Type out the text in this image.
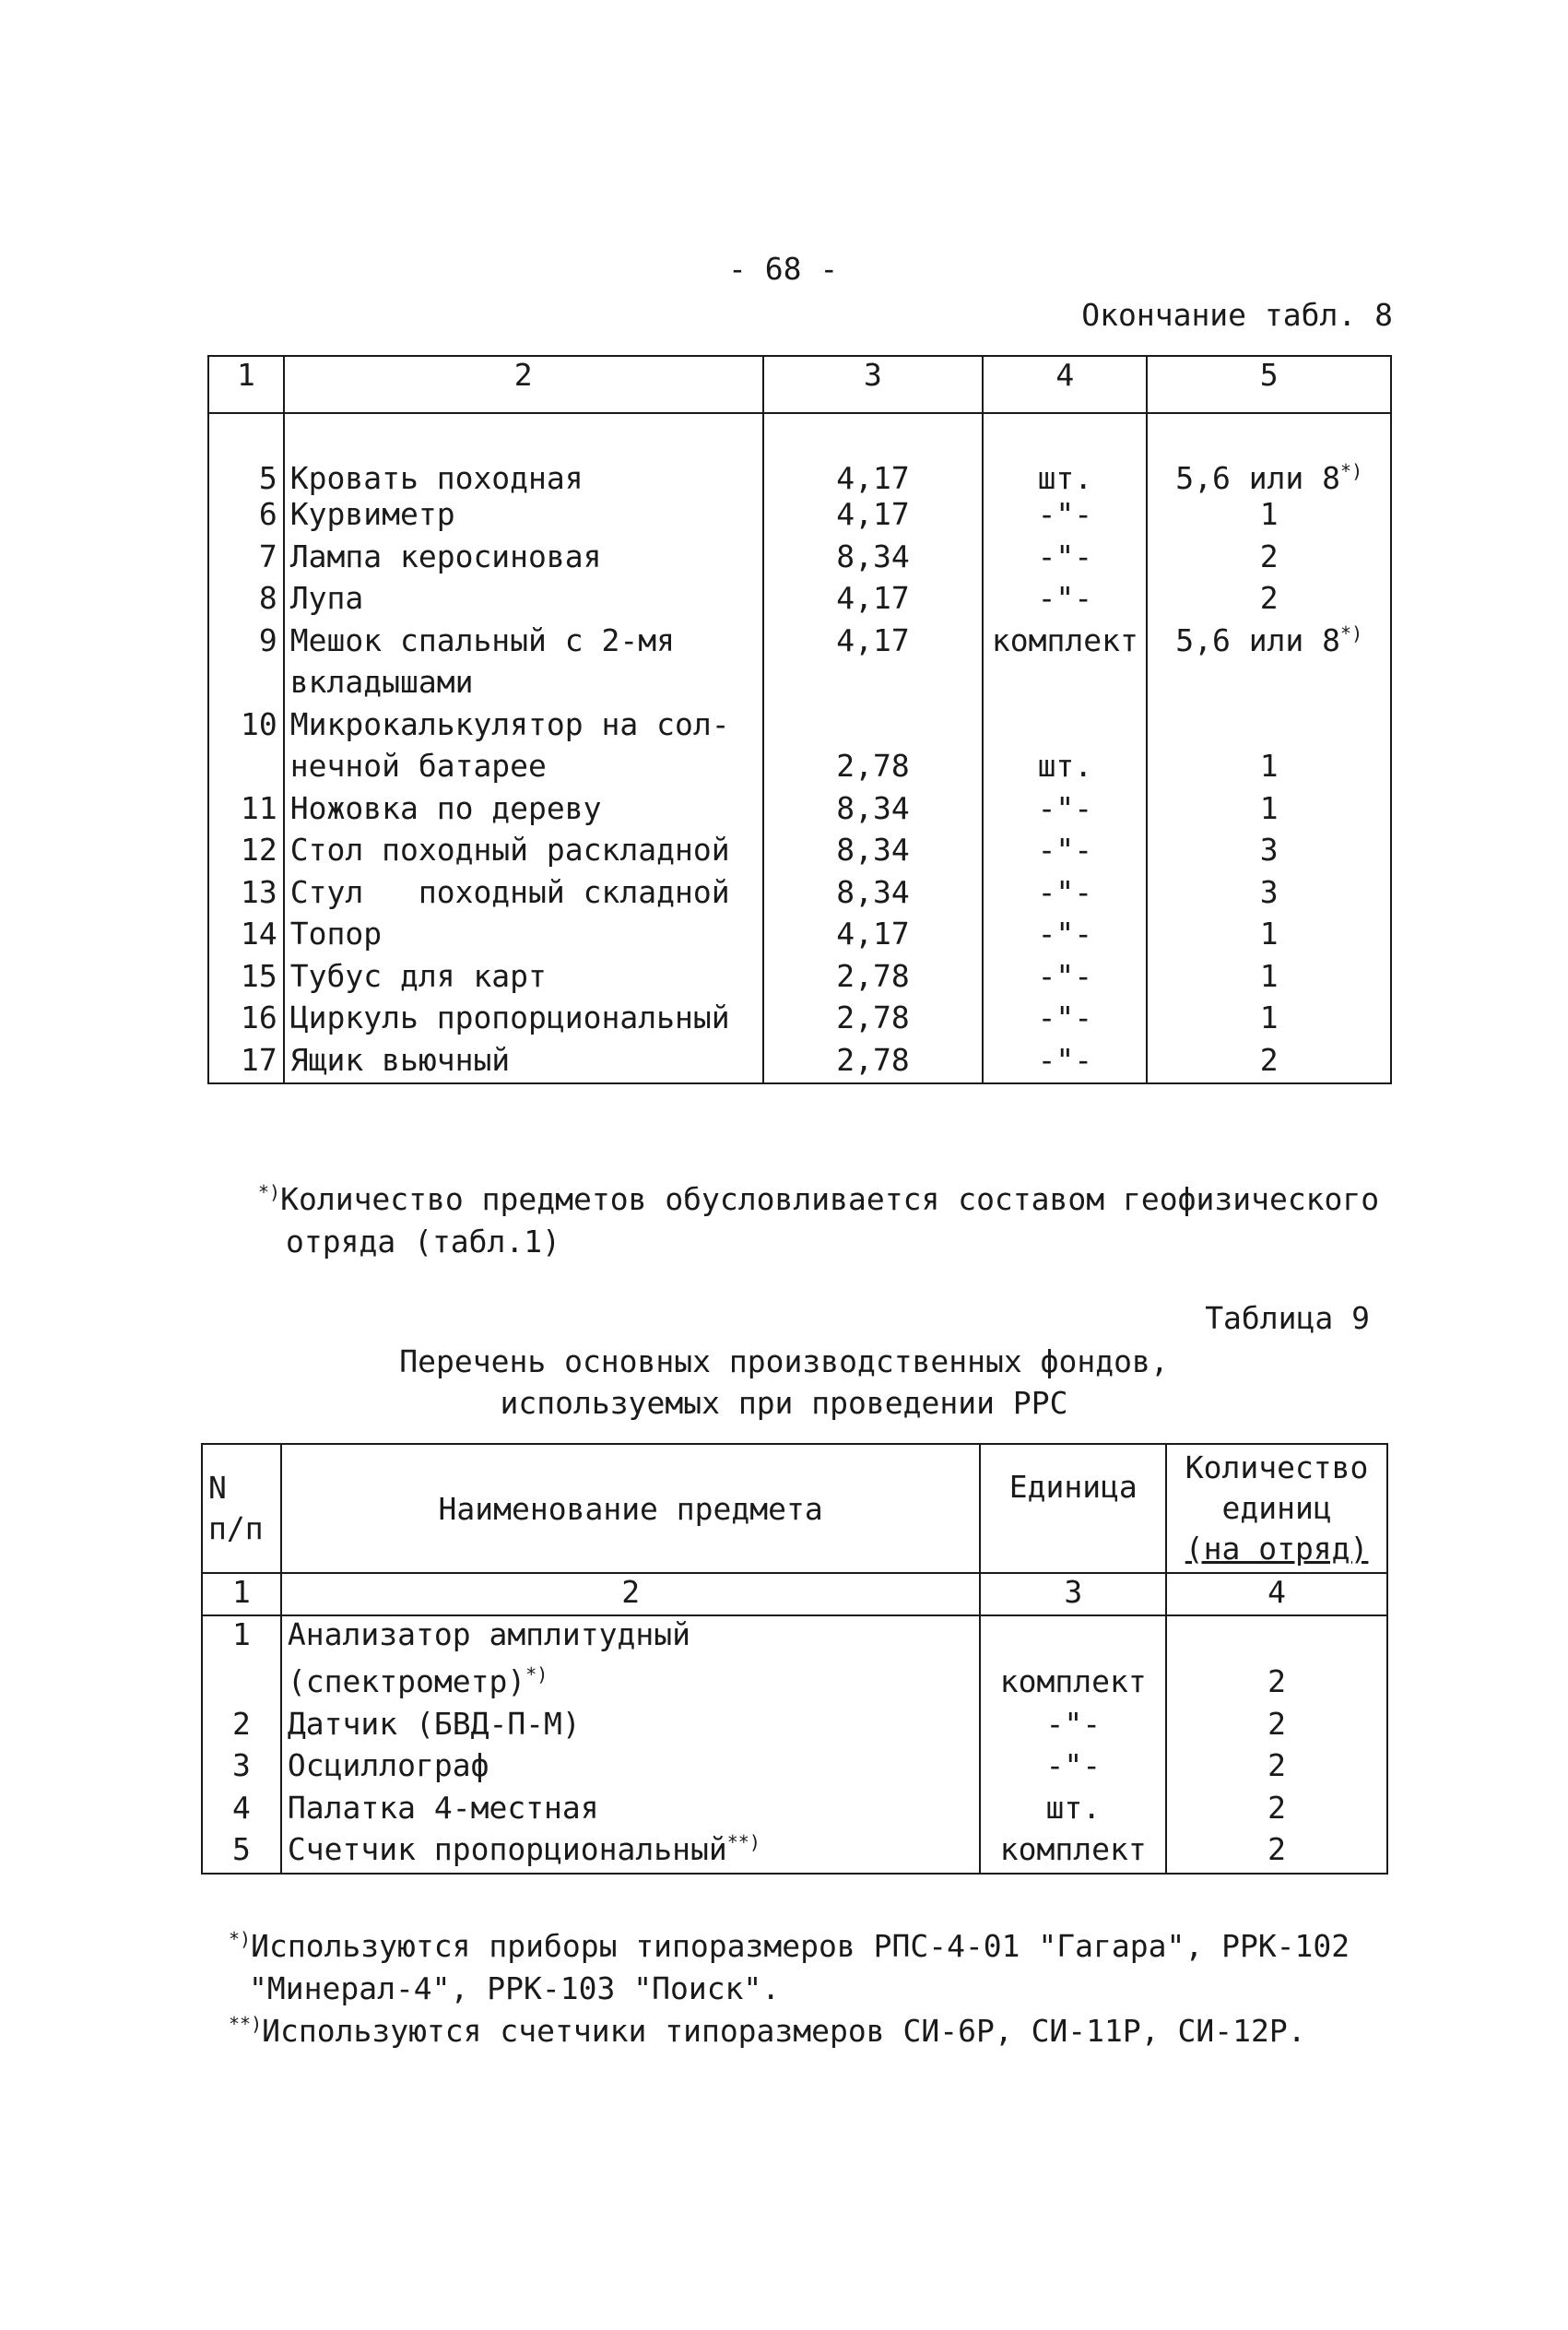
- 68 -
Окончание табл. 8
1	2	3	4	5
5	Кровать походная	4,17	шт.	5,6 или 8*)
6	Курвиметр	4,17	-"-	1
7	Лампа керосиновая	8,34	-"-	2
8	Лупа	4,17	-"-	2
9	Мешок спальный с 2-мя	4,17	комплект	5,6 или 8*)
	вкладышами			
10	Микрокалькулятор на сол-			
	нечной батарее	2,78	шт.	1
11	Ножовка по дереву	8,34	-"-	1
12	Стол походный раскладной	8,34	-"-	3
13	Стул   походный складной	8,34	-"-	3
14	Топор	4,17	-"-	1
15	Тубус для карт	2,78	-"-	1
16	Циркуль пропорциональный	2,78	-"-	1
17	Ящик вьючный	2,78	-"-	2
*)Количество предметов обусловливается составом геофизического
отряда (табл.1)
Таблица 9
Перечень основных производственных фондов,
используемых при проведении РРС
N
п/п	Наименование предмета	Единица	Количество
единиц
(на отряд)
1	2	3	4
1	Анализатор амплитудный		
	(спектрометр)*)	комплект	2
2	Датчик (БВД-П-М)	-"-	2
3	Осциллограф	-"-	2
4	Палатка 4-местная	шт.	2
5	Счетчик пропорциональный**)	комплект	2
*)Используются приборы типоразмеров РПС-4-01 "Гагара", РРК-102
"Минерал-4", РРК-103 "Поиск".
**)Используются счетчики типоразмеров СИ-6Р, СИ-11Р, СИ-12Р.
